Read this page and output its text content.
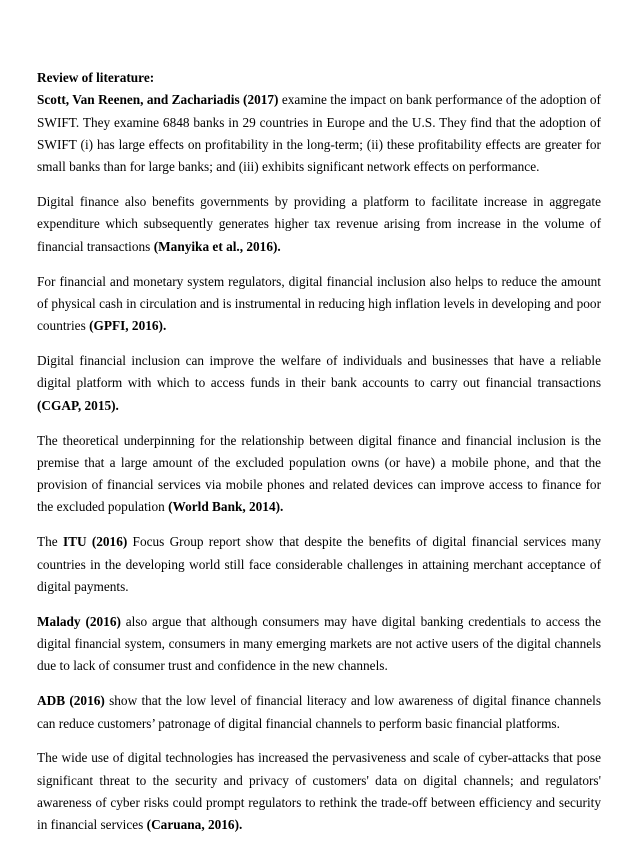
Review of literature:

Scott, Van Reenen, and Zachariadis (2017) examine the impact on bank performance of the adoption of SWIFT. They examine 6848 banks in 29 countries in Europe and the U.S. They find that the adoption of SWIFT (i) has large effects on profitability in the long-term; (ii) these profitability effects are greater for small banks than for large banks; and (iii) exhibits significant network effects on performance.

Digital finance also benefits governments by providing a platform to facilitate increase in aggregate expenditure which subsequently generates higher tax revenue arising from increase in the volume of financial transactions (Manyika et al., 2016).

For financial and monetary system regulators, digital financial inclusion also helps to reduce the amount of physical cash in circulation and is instrumental in reducing high inflation levels in developing and poor countries (GPFI, 2016).

Digital financial inclusion can improve the welfare of individuals and businesses that have a reliable digital platform with which to access funds in their bank accounts to carry out financial transactions (CGAP, 2015).

The theoretical underpinning for the relationship between digital finance and financial inclusion is the premise that a large amount of the excluded population owns (or have) a mobile phone, and that the provision of financial services via mobile phones and related devices can improve access to finance for the excluded population (World Bank, 2014).

The ITU (2016) Focus Group report show that despite the benefits of digital financial services many countries in the developing world still face considerable challenges in attaining merchant acceptance of digital payments.

Malady (2016) also argue that although consumers may have digital banking credentials to access the digital financial system, consumers in many emerging markets are not active users of the digital channels due to lack of consumer trust and confidence in the new channels.

ADB (2016) show that the low level of financial literacy and low awareness of digital finance channels can reduce customers’ patronage of digital financial channels to perform basic financial platforms.

The wide use of digital technologies has increased the pervasiveness and scale of cyber-attacks that pose significant threat to the security and privacy of customers' data on digital channels; and regulators' awareness of cyber risks could prompt regulators to rethink the trade-off between efficiency and security in financial services (Caruana, 2016).
